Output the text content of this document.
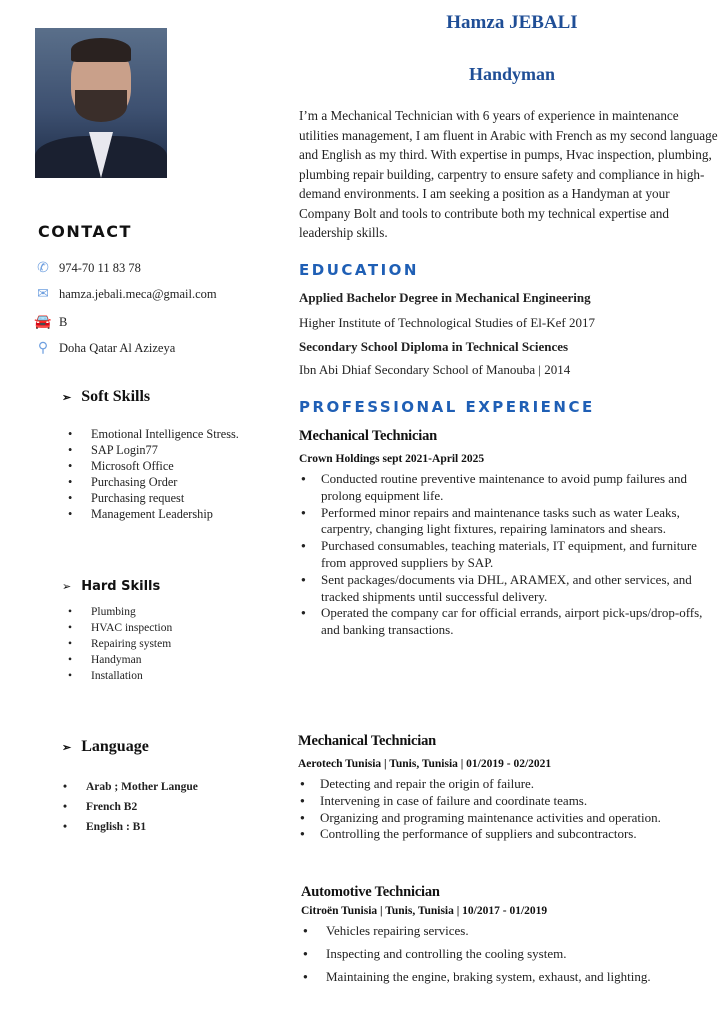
Hamza JEBALI
Handyman
I’m a Mechanical Technician with 6 years of experience in maintenance utilities management, I am fluent in Arabic with French as my second language and English as my third. With expertise in pumps, Hvac inspection, plumbing, plumbing repair building, carpentry to ensure safety and compliance in high-demand environments. I am seeking a position as a Handyman at your Company Bolt and tools to contribute both my technical expertise and leadership skills.
CONTACT
✆ 974-70 11 83 78
✉ hamza.jebali.meca@gmail.com
🚘 B
⚲ Doha Qatar Al Azizeya
➢ Soft Skills
• Emotional Intelligence Stress.
• SAP Login77
• Microsoft Office
• Purchasing Order
• Purchasing request
• Management Leadership
➢ Hard Skills
• Plumbing
• HVAC inspection
• Repairing system
• Handyman
• Installation
➢ Language
• Arab ; Mother Langue
• French B2
• English : B1
EDUCATION
Applied Bachelor Degree in Mechanical Engineering
Higher Institute of Technological Studies of El-Kef 2017
Secondary School Diploma in Technical Sciences
Ibn Abi Dhiaf Secondary School of Manouba | 2014
PROFESSIONAL EXPERIENCE
Mechanical Technician
Crown Holdings sept 2021-April 2025
● Conducted routine preventive maintenance to avoid pump failures and prolong equipment life.
● Performed minor repairs and maintenance tasks such as water Leaks, carpentry, changing light fixtures, repairing laminators and shears.
● Purchased consumables, teaching materials, IT equipment, and furniture from approved suppliers by SAP.
● Sent packages/documents via DHL, ARAMEX, and other services, and tracked shipments until successful delivery.
● Operated the company car for official errands, airport pick-ups/drop-offs, and banking transactions.
Mechanical Technician
Aerotech Tunisia | Tunis, Tunisia | 01/2019 - 02/2021
● Detecting and repair the origin of failure.
● Intervening in case of failure and coordinate teams.
● Organizing and programing maintenance activities and operation.
● Controlling the performance of suppliers and subcontractors.
Automotive Technician
Citroën Tunisia | Tunis, Tunisia | 10/2017 - 01/2019
● Vehicles repairing services.
● Inspecting and controlling the cooling system.
● Maintaining the engine, braking system, exhaust, and lighting.
